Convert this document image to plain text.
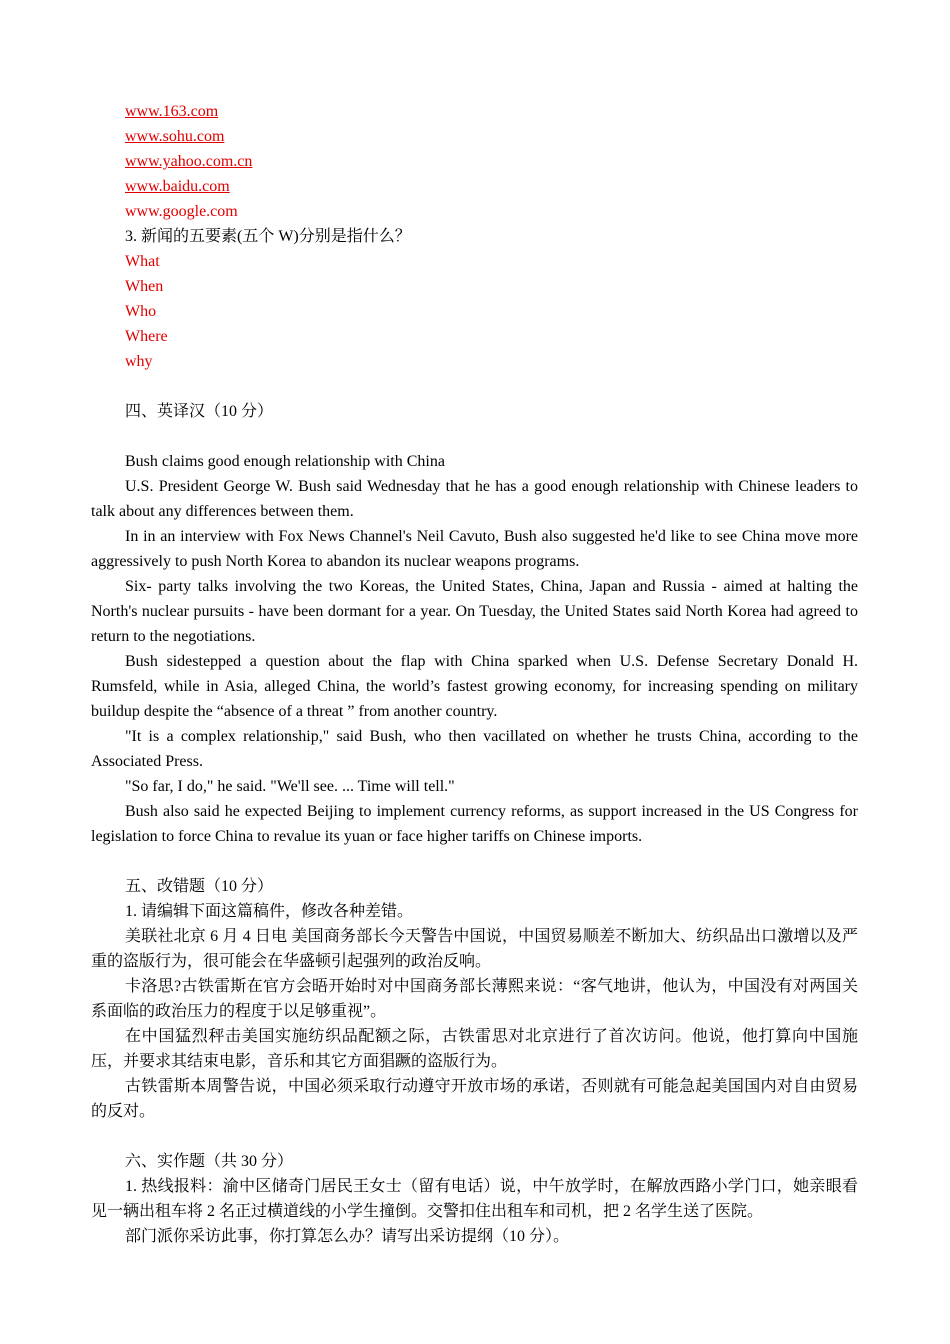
www.163.com
www.sohu.com
www.yahoo.com.cn
www.baidu.com
www.google.com
3. 新闻的五要素(五个 W)分别是指什么？
What
When
Who
Where
why
四、英译汉（10 分）
Bush claims good enough relationship with China

U.S. President George W. Bush said Wednesday that he has a good enough relationship with Chinese leaders to talk about any differences between them.

In in an interview with Fox News Channel's Neil Cavuto, Bush also suggested he'd like to see China move more aggressively to push North Korea to abandon its nuclear weapons programs.

Six- party talks involving the two Koreas, the United States, China, Japan and Russia - aimed at halting the North's nuclear pursuits - have been dormant for a year. On Tuesday, the United States said North Korea had agreed to return to the negotiations.

Bush sidestepped a question about the flap with China sparked when U.S. Defense Secretary Donald H. Rumsfeld, while in Asia, alleged China, the world’s fastest growing economy, for increasing spending on military buildup despite the “absence of a threat ” from another country.

"It is a complex relationship," said Bush, who then vacillated on whether he trusts China, according to the Associated Press.

"So far, I do," he said. "We'll see. ... Time will tell."

Bush also said he expected Beijing to implement currency reforms, as support increased in the US Congress for legislation to force China to revalue its yuan or face higher tariffs on Chinese imports.

五、改错题（10 分）
1. 请编辑下面这篇稿件，修改各种差错。

美联社北京 6 月 4 日电 美国商务部长今天警告中国说，中国贸易顺差不断加大、纺织品出口激增以及严重的盗版行为，很可能会在华盛顿引起强列的政治反响。

卡洛思?古铁雷斯在官方会晤开始时对中国商务部长薄熙来说：“客气地讲，他认为，中国没有对两国关系面临的政治压力的程度于以足够重视”。

在中国猛烈秤击美国实施纺织品配额之际，古铁雷思对北京进行了首次访问。他说，他打算向中国施压，并要求其结束电影，音乐和其它方面猖蹶的盗版行为。

古铁雷斯本周警告说，中国必须采取行动遵守开放市场的承诺，否则就有可能急起美国国内对自由贸易的反对。

六、实作题（共 30 分）

1. 热线报料：渝中区储奇门居民王女士（留有电话）说，中午放学时，在解放西路小学门口，她亲眼看见一辆出租车将 2 名正过横道线的小学生撞倒。交警扣住出租车和司机，把 2 名学生送了医院。

部门派你采访此事，你打算怎么办？请写出采访提纲（10 分）。
